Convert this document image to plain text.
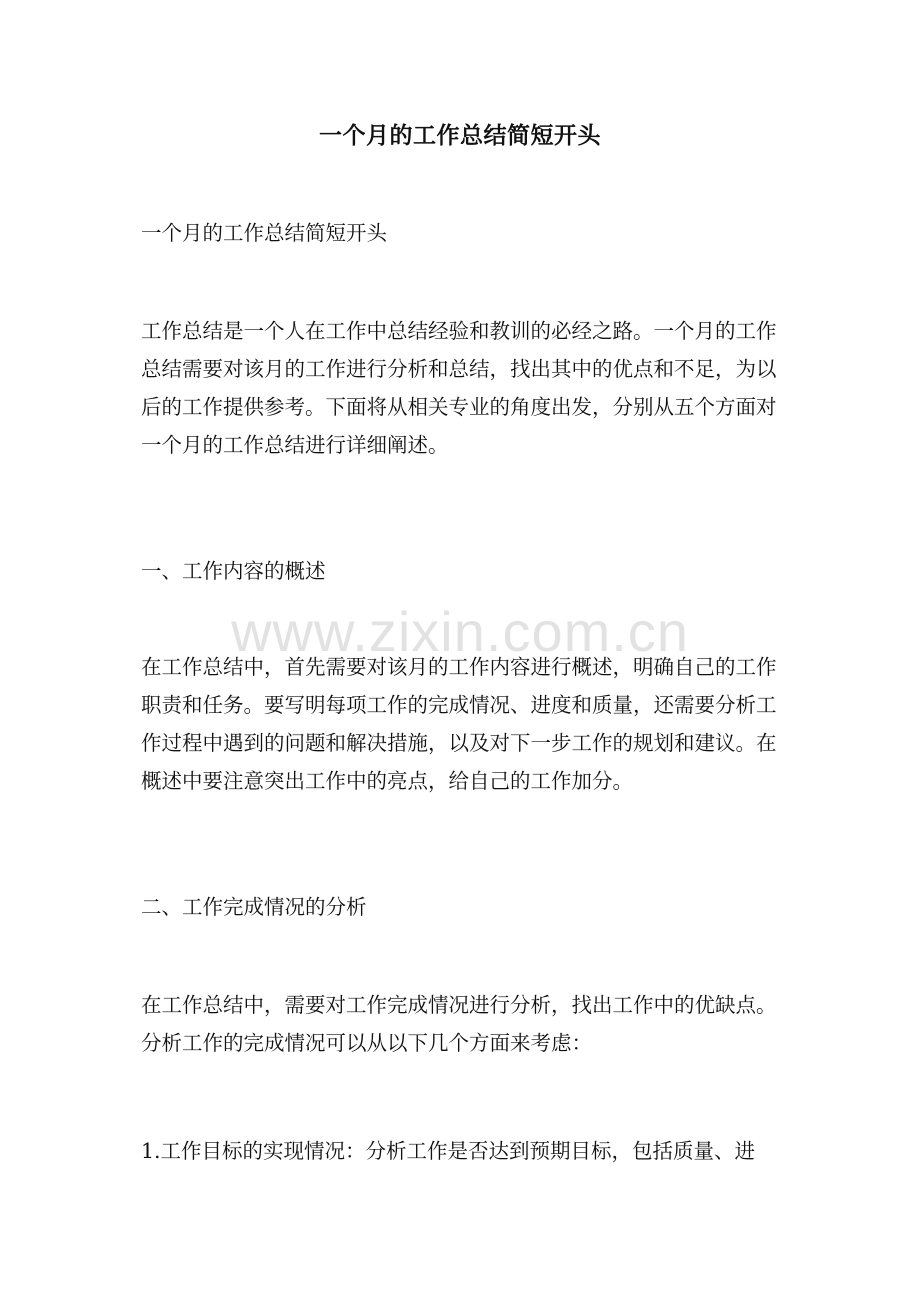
一个月的工作总结简短开头

一个月的工作总结简短开头

工作总结是一个人在工作中总结经验和教训的必经之路。一个月的工作总结需要对该月的工作进行分析和总结，找出其中的优点和不足，为以后的工作提供参考。下面将从相关专业的角度出发，分别从五个方面对一个月的工作总结进行详细阐述。

一、工作内容的概述

在工作总结中，首先需要对该月的工作内容进行概述，明确自己的工作职责和任务。要写明每项工作的完成情况、进度和质量，还需要分析工作过程中遇到的问题和解决措施，以及对下一步工作的规划和建议。在概述中要注意突出工作中的亮点，给自己的工作加分。

二、工作完成情况的分析

在工作总结中，需要对工作完成情况进行分析，找出工作中的优缺点。分析工作的完成情况可以从以下几个方面来考虑：

1.工作目标的实现情况：分析工作是否达到预期目标，包括质量、进

www.zixin.com.cn
